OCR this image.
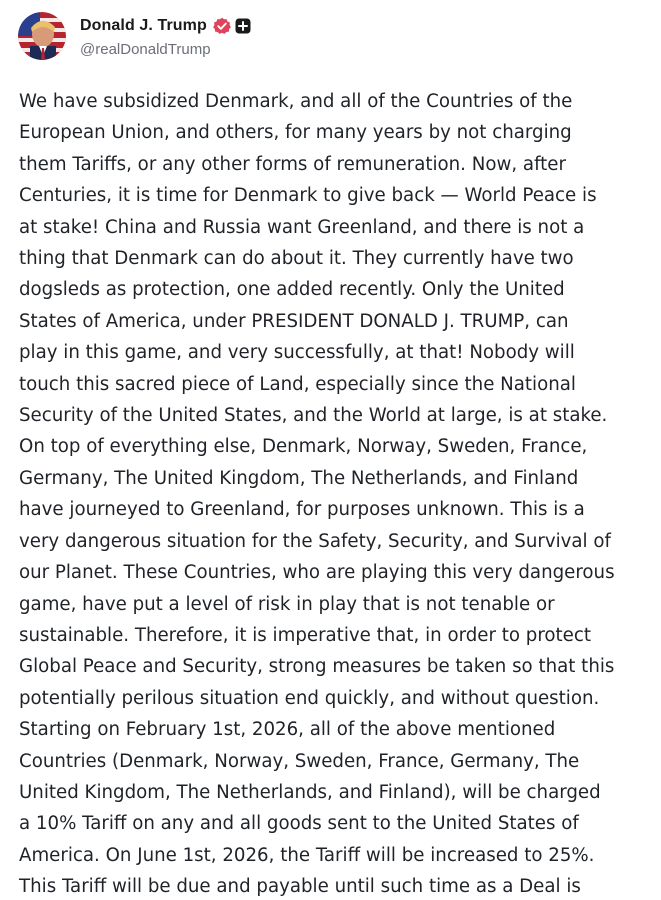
Donald J. Trump
@realDonaldTrump
We have subsidized Denmark, and all of the Countries of the
European Union, and others, for many years by not charging
them Tariffs, or any other forms of remuneration. Now, after
Centuries, it is time for Denmark to give back — World Peace is
at stake! China and Russia want Greenland, and there is not a
thing that Denmark can do about it. They currently have two
dogsleds as protection, one added recently. Only the United
States of America, under PRESIDENT DONALD J. TRUMP, can
play in this game, and very successfully, at that! Nobody will
touch this sacred piece of Land, especially since the National
Security of the United States, and the World at large, is at stake.
On top of everything else, Denmark, Norway, Sweden, France,
Germany, The United Kingdom, The Netherlands, and Finland
have journeyed to Greenland, for purposes unknown. This is a
very dangerous situation for the Safety, Security, and Survival of
our Planet. These Countries, who are playing this very dangerous
game, have put a level of risk in play that is not tenable or
sustainable. Therefore, it is imperative that, in order to protect
Global Peace and Security, strong measures be taken so that this
potentially perilous situation end quickly, and without question.
Starting on February 1st, 2026, all of the above mentioned
Countries (Denmark, Norway, Sweden, France, Germany, The
United Kingdom, The Netherlands, and Finland), will be charged
a 10% Tariff on any and all goods sent to the United States of
America. On June 1st, 2026, the Tariff will be increased to 25%.
This Tariff will be due and payable until such time as a Deal is
